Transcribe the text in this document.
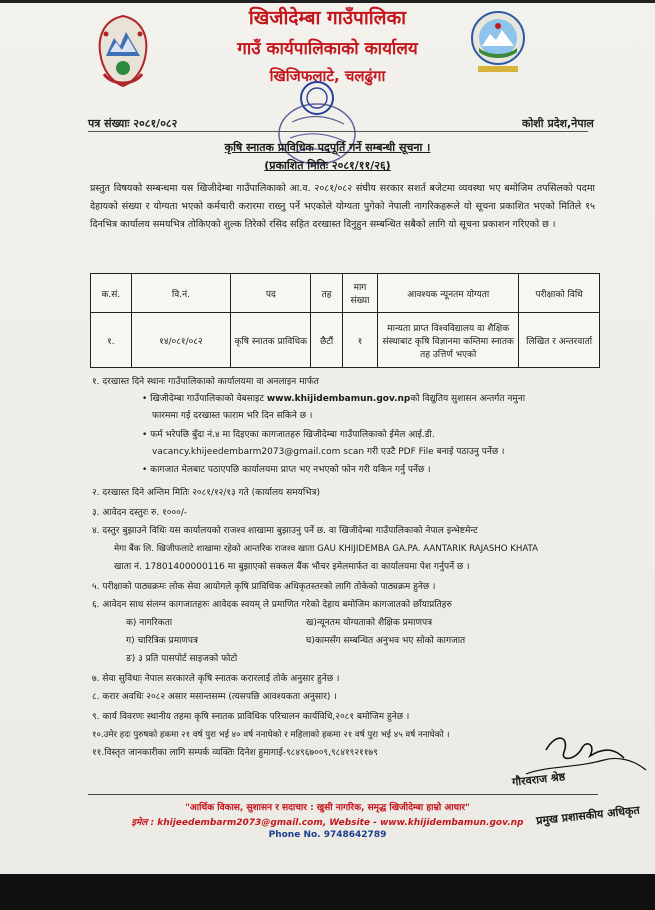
खिजीदेम्बा गाउँपालिका
गाउँ कार्यपालिकाको कार्यालय
खिजिफलाटे, चलढुंगा
पत्र संख्याः २०८१/०८२	कोशी प्रदेश,नेपाल
कृषि स्नातक प्राविधिक पदपूर्ति गर्ने सम्बन्धी सूचना ।
(प्रकाशित मितिः २०८१/११/२६)
प्रस्तुत विषयको सम्बन्धमा यस खिजीदेम्बा गाउँपालिकाको आ.व. २०८१/०८२ संघीय सरकार सशर्त बजेटमा व्यवस्था भए बमोजिम तपसिलको पदमा देहायको संख्या र योग्यता भएको कर्मचारी करारमा राख्नु पर्ने भएकोले योग्यता पुगेको नेपाली नागरिकहरूले यो सूचना प्रकाशित भएको मितिले १५ दिनभित्र कार्यालय समयभित्र तोकिएको शुल्क तिरेको रसिद सहित दरखास्त दिनुहुन सम्बन्धित सबैको लागि यो सूचना प्रकाशन गरिएको छ ।
क.सं.	वि.नं.	पद	तह	माग संख्या	आवश्यक न्यूनतम योग्यता	परीक्षाको विधि
१.	१४/०८१/०८२	कृषि स्नातक प्राविधिक	छैटौं	१	मान्यता प्राप्त विश्वविद्यालय वा शैक्षिक संस्थाबाट कृषि विज्ञानमा कम्तिमा स्नातक तह उत्तिर्ण भएको	लिखित र अन्तरवार्ता
१. दरखास्त दिने स्थानः गाउँपालिकाको कार्यालयमा वा अनलाइन मार्फत
• खिजीदेम्बा गाउँपालिकाको वेबसाइट www.khijidembamun.gov.npको विद्युतिय सुशासन अन्तर्गत नमुना
फारममा गई दरखास्त फाराम भरि दिन सकिने छ ।
• फर्म भरेपछि बुँदा नं.४ मा दिइएका कागजातहरु खिजीदेम्बा गाउँपालिकाको ईमेल आई.डी.
vacancy.khijeedembarm2073@gmail.com scan गरी एउटै PDF File बनाई पठाउनु पर्नेछ ।
• कागजात मेलबाट पठाएपछि कार्यालयमा प्राप्त भए नभएको फोन गरी यकिन गर्नु पर्नेछ ।
२. दरखास्त दिने अन्तिम मितिः २०८१/१२/१३ गते (कार्यालय समयभित्र)
३. आवेदन दस्तुरः रु. १०००/-
४. दस्तुर बुझाउने विधिः यस कार्यालयको राजश्व शाखामा बुझाउनु पर्ने छ. वा खिजीदेम्बा गाउँपालिकाको नेपाल इन्भेष्टमेन्ट
मेगा बैंक लि. खिजीफलाटे शाखामा रहेको आन्तरिक राजश्व खाता GAU KHIJIDEMBA GA.PA. AANTARIK RAJASHO KHATA
खाता नं. 17801400000116 मा बुझाएको सक्कल बैंक भौचर इमेलमार्फत वा कार्यालयमा पेश गर्नुपर्ने छ ।
५. परीक्षाको पाठ्यक्रमः लोक सेवा आयोगले कृषि प्राविधिक अधिकृतस्तरको लागि तोकेको पाठ्यक्रम हुनेछ ।
६. आवेदन साथ संलग्न कागजातहरुः आवेदक स्वयम् ले प्रमाणित गरेको देहाय बमोजिम कागजातको छाँयाप्रतिहरु
क) नागरिकता	ख)न्यूनतम योग्यताको शैक्षिक प्रमाणपत्र
ग) चारित्रिक प्रमाणपत्र	घ)कामसँग सम्बन्धित अनुभव भए सोको कागजात
ङ) ३ प्रति पासपोर्ट साइजको फोटो
७. सेवा सुविधाः नेपाल सरकारले कृषि स्नातक करारलाई तोके अनुसार हुनेछ ।
८. करार अवधिः २०८२ असार मसान्तसम्म (त्यसपछि आवश्यकता अनुसार) ।
९. कार्य विवरणः स्थानीय तहमा कृषि स्नातक प्राविधिक परिचालन कार्यविधि,२०८१ बमोजिम हुनेछ ।
१०.उमेर हदः पुरुषको हकमा २१ वर्ष पुरा भई ४० वर्ष ननाघेको र महिलाको हकमा २१ वर्ष पुरा भई ४५ वर्ष ननाघेको ।
११.विस्तृत जानकारीका लागि सम्पर्क व्यक्तिः दिनेश हुमागाई-९८४९६७००९,९८४१९२११७९
गौरवराज श्रेष्ठ
प्रमुख प्रशासकीय अधिकृत
"आर्थिक विकास, सुशासन र सदाचार : खुसी नागरिक, समृद्ध खिजीदेम्बा हाम्रो आधार"
इमेल : khijeedembarm2073@gmail.com, Website - www.khijidembamun.gov.np
Phone No. 9748642789
